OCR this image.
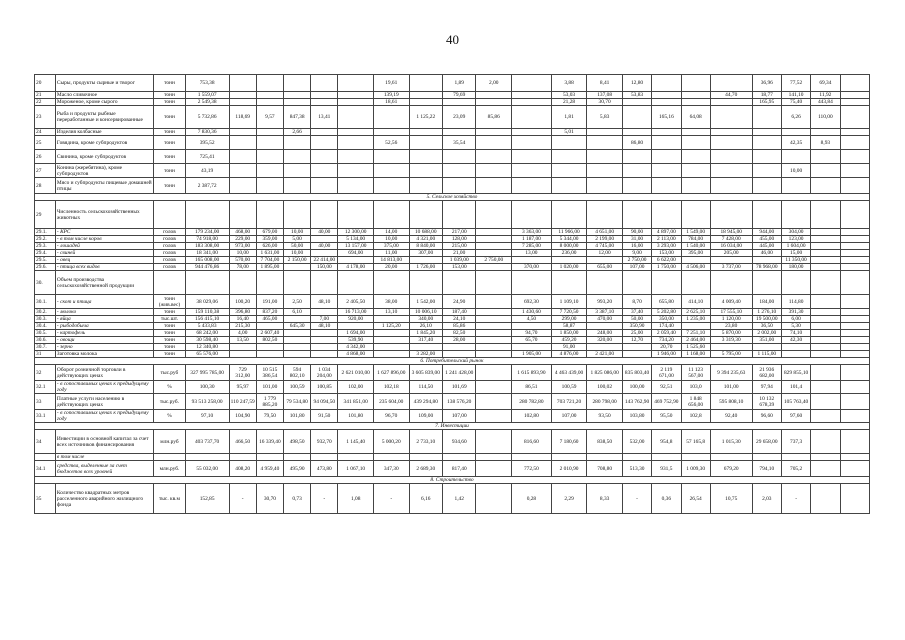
40
20	Сыры, продукты сырные и творог	тонн	753,38						19,61		1,89	2,00		3,88	8,41	12,80				36,96	77,52	69,34	
21	Масло сливочное	тонн	1 559,07						139,19		79,69			53,03	137,08	53,83			44,70	18,77	141,10	11,92	
22	Мороженое, кроме сырого	тонн	2 549,38						18,61					21,28	30,70					165,95	75,40	443,84	
23	Рыба и продукты рыбные переработанные и консервированные	тонн	5 732,86	118,69	9,57	847,38	13,41			1 125,22	23,09	85,86		1,81	5,83		165,16	64,08			6,26	110,00	
24	Изделия колбасные	тонн	7 830,36			2,66								5,01									
25	Говядина, кроме субпродуктов	тонн	395,52						52,56		35,54					86,80					42,35	8,93	
26	Свинина, кроме субпродуктов	тонн	725,41																				
27	Конина (жеребятина), кроме субпродуктов	тонн	43,19																		10,00		
28	Мясо и субпродукты пищевые домашней птицы	тонн	2 387,72																				
5. Сельское хозяйство																							
29	Численность сельскохозяйственных животных																						
29.1.	- КРС	голов	179 234,00	468,00	679,00	10,00	40,00	12 300,00	14,00	10 688,00	217,00		3 363,00	11 966,00	4 651,00	90,00	4 897,00	1 549,00	18 945,00	944,00	304,00		
29.2.	- в том числе коров	голов	74 918,00	229,00	359,00	5,00		5 134,00	10,00	4 321,00	128,00		1 187,00	5 344,00	2 199,00	31,00	2 113,00	784,00	7 428,00	455,00	123,00		
29.3.	- лошадей	голов	183 308,00	973,00	626,00	50,00	40,00	13 157,00	375,00	8 840,00	215,00		7 285,00	8 000,00	4 745,00	16,00	3 293,00	1 540,00	16 034,00	445,00	1 604,00		
29.4.	- свиней	голов	18 341,00	10,00	1 631,00	10,00		694,00	11,00	307,00	21,00		13,00	236,00	12,00	9,00	153,00	395,00	205,00	46,00	15,00		
29.5.	- овец	голов	165 008,00	570,00	7 704,00	2 150,00	22 414,00		14 813,00		1 039,00	2 750,00				2 750,00	6 622,00				11 350,00		
29.6.	- птица всех видов	голов	944 476,86	78,00	1 895,00		150,00	4 178,00	20,00	1 726,00	153,00		370,00	1 020,00	655,00	107,00	1 750,00	4 506,00	3 737,00	78 968,00	180,00		
30.	Объем производства сельскохозяйственной продукции																						
30.1.	- скот и птица	тонн (жив.вес)	38 029,06	100,20	191,00	2,50	48,10	2 405,50	38,00	1 542,00	24,90		692,30	1 109,10	993,20	8,70	655,80	414,10	4 009,40	184,00	114,80		
30.2.	- молоко	тонн	159 110,38	396,80	837,20	6,10		16 713,00	13,10	10 006,10	187,40		1 430,60	7 720,50	3 387,10	37,40	5 202,80	2 625,10	17 555,10	1 276,10	391,30		
30.3.	- яйца	тыс.шт.	156 415,10	16,40	465,00		7,00	920,00		340,00	24,10		4,50	299,00	470,00	50,00	350,00	1 235,00	1 120,00	19 500,00	6,00		
30.4.	- рыбодобыча	тонн	5 433,83	215,30		645,30	48,10		1 125,20	26,10	85,86			58,87		350,90	174,40		23,80	36,50	5,30		
30.5.	- картофель	тонн	68 242,00	4,00	2 607,40			1 694,00		1 845,20	82,50		94,70	1 850,00	248,00	25,00	2 059,40	7 251,10	5 870,00	2 002,00	74,10		
30.6.	- овощи	тонн	30 598,40	13,50	802,50			539,90		317,40	28,00		65,70	459,20	320,00	12,70	734,20	2 464,00	3 319,30	351,00	42,30		
30.7.	- зерно	тонн	12 340,80					4 342,00						91,00			20,70	1 525,60					
31	Заготовка молока	тонн	65 576,00					4 868,00		3 282,00			1 905,00	4 876,00	2 421,00		1 946,00	1 168,00	5 795,00	1 115,00			
6. Потребительский рынок																							
32	Оборот розничной торговли в действующих ценах	тыс.руб	327 995 785,00	729 312,00	10 515 386,54	594 802,10	1 034 204,00	2 621 010,00	1 627 896,00	3 605 839,00	1 241 428,00		1 615 893,90	4 463 439,00	1 825 086,00	835 803,40	2 119 671,00	11 123 567,00	9 394 235,63	21 936 682,00	829 855,10		
32.1	- в сопоставимых ценах к предыдущему году	%	100,30	95,97	101,00	100,59	100,85	102,00	102,18	114,50	101,69		86,51	100,59	100,02	100,00	92,51	103,0	101,00	97,94	101,4		
33	Платные услуги населению в действующих ценах	тыс.руб.	93 513 258,00	110 247,59	1 779 885,20	79 534,80	94 094,50	341 851,00	235 604,00	439 294,80	138 576,20		280 782,80	703 721,20	280 798,00	143 762,90	469 752,90	1 848 656,00	595 808,10	10 132 678,39	105 763,40		
33.1	- в сопоставимых ценах к предыдущему году	%	97,10	104,90	79,50	101,80	91,50	101,80	96,70	109,00	107,00		102,80	107,00	93,50	103,80	95,50	102,8	92,40	96,60	97,60		
7. Инвестиции																							
34	Инвестиции в основной капитал за счет всех источников финансирования	млн.руб	403 737,70	466,50	16 339,40	498,50	932,70	1 145,40	5 000,20	2 733,10	934,60		816,60	7 180,60	838,50	532,00	954,8	57 165,8	1 015,30	29 658,00	737,3		
	в том числе																						
34.1	средства, выделенные за счет бюджетов всех уровней	млн.руб.	55 032,00	408,20	4 959,40	495,90	473,80	1 067,10	347,30	2 689,30	817,40		772,50	2 010,90	708,80	513,30	931,5	1 009,30	679,20	794,10	705,2		
8. Строительство																							
35	Количество квадратных метров расселенного аварийного жилищного фонда	тыс. кв.м	152,85	-	30,70	0,73	-	1,08	-	6,16	1,42		0,28	2,29	8,33	-	0,36	26,54	10,75	2,03	-		
